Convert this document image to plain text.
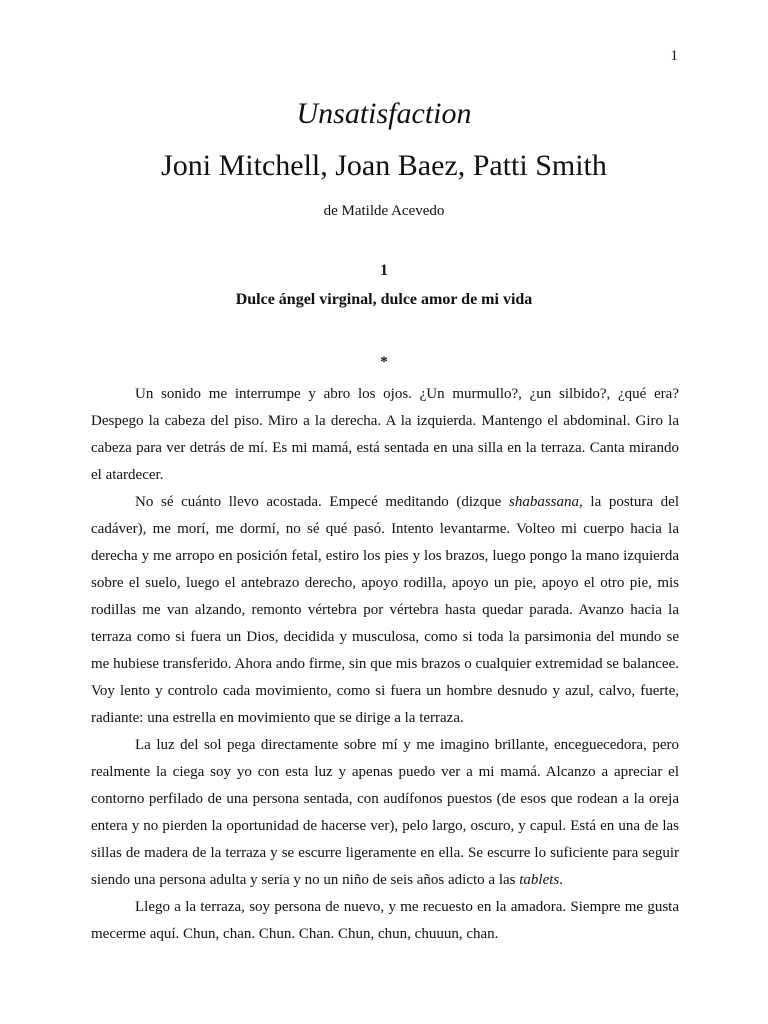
1
Unsatisfaction
Joni Mitchell, Joan Baez, Patti Smith
de Matilde Acevedo
1
Dulce ángel virginal, dulce amor de mi vida
*

Un sonido me interrumpe y abro los ojos. ¿Un murmullo?, ¿un silbido?, ¿qué era? Despego la cabeza del piso. Miro a la derecha. A la izquierda. Mantengo el abdominal. Giro la cabeza para ver detrás de mí. Es mi mamá, está sentada en una silla en la terraza. Canta mirando el atardecer.

No sé cuánto llevo acostada. Empecé meditando (dizque shabassana, la postura del cadáver), me morí, me dormí, no sé qué pasó. Intento levantarme. Volteo mi cuerpo hacia la derecha y me arropo en posición fetal, estiro los pies y los brazos, luego pongo la mano izquierda sobre el suelo, luego el antebrazo derecho, apoyo rodilla, apoyo un pie, apoyo el otro pie, mis rodillas me van alzando, remonto vértebra por vértebra hasta quedar parada. Avanzo hacia la terraza como si fuera un Dios, decidida y musculosa, como si toda la parsimonia del mundo se me hubiese transferido. Ahora ando firme, sin que mis brazos o cualquier extremidad se balancee. Voy lento y controlo cada movimiento, como si fuera un hombre desnudo y azul, calvo, fuerte, radiante: una estrella en movimiento que se dirige a la terraza.

La luz del sol pega directamente sobre mí y me imagino brillante, enceguecedora, pero realmente la ciega soy yo con esta luz y apenas puedo ver a mi mamá. Alcanzo a apreciar el contorno perfilado de una persona sentada, con audífonos puestos (de esos que rodean a la oreja entera y no pierden la oportunidad de hacerse ver), pelo largo, oscuro, y capul. Está en una de las sillas de madera de la terraza y se escurre ligeramente en ella. Se escurre lo suficiente para seguir siendo una persona adulta y seria y no un niño de seis años adicto a las tablets.

Llego a la terraza, soy persona de nuevo, y me recuesto en la amadora. Siempre me gusta mecerme aquí. Chun, chan. Chun. Chan. Chun, chun, chuuun, chan.
